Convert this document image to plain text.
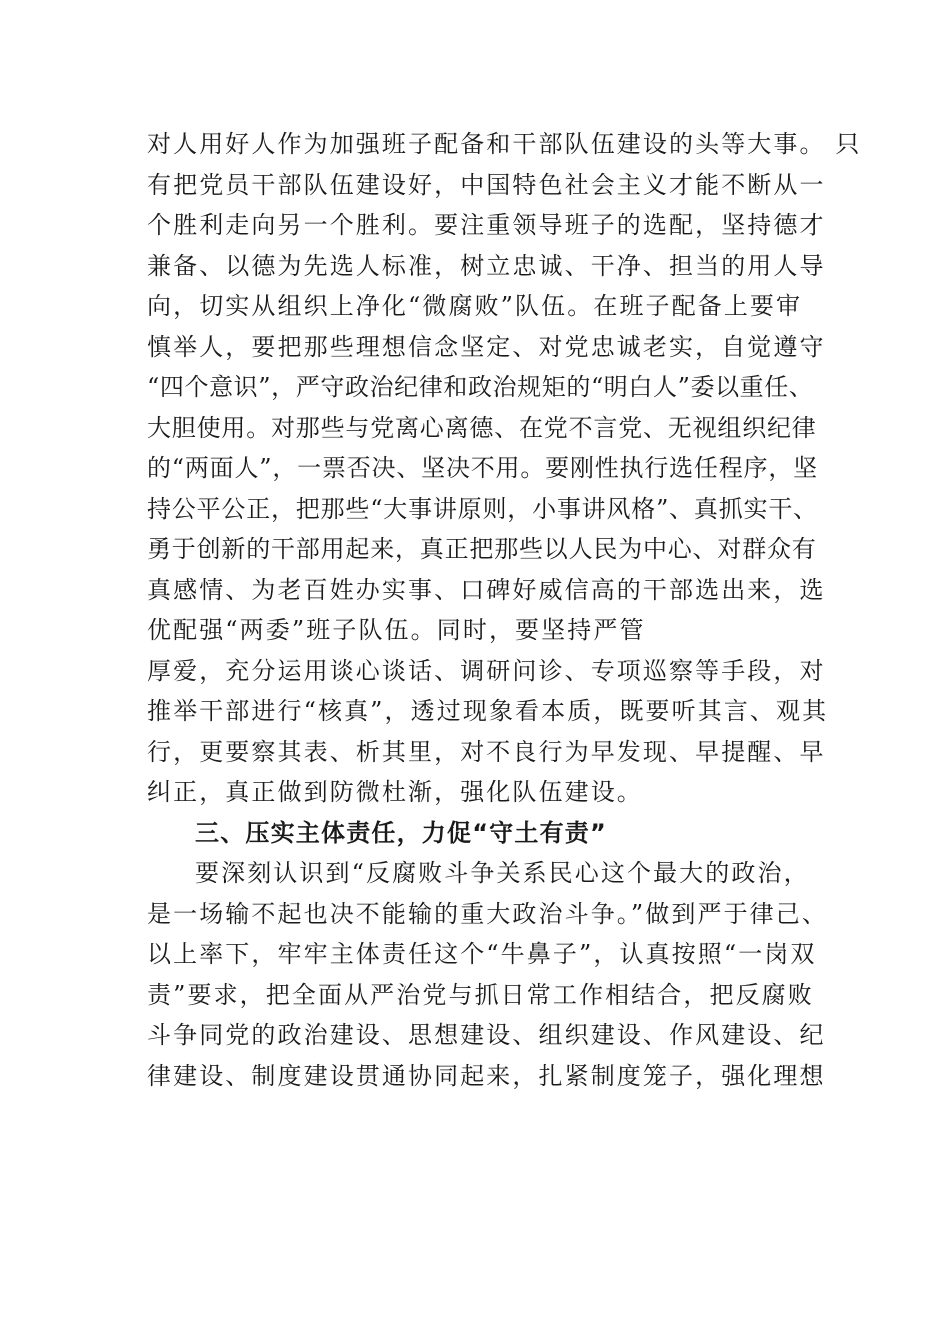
对人用好人作为加强班子配备和干部队伍建设的头等大事。 只
有把党员干部队伍建设好，中国特色社会主义才能不断从一
个胜利走向另一个胜利。要注重领导班子的选配，坚持德才
兼备、以德为先选人标准，树立忠诚、干净、担当的用人导
向，切实从组织上净化“微腐败”队伍。在班子配备上要审
慎举人，要把那些理想信念坚定、对党忠诚老实，自觉遵守
“四个意识”，严守政治纪律和政治规矩的“明白人”委以重任、
大胆使用。对那些与党离心离德、在党不言党、无视组织纪律
的“两面人”，一票否决、坚决不用。要刚性执行选任程序，坚
持公平公正，把那些“大事讲原则，小事讲风格”、真抓实干、
勇于创新的干部用起来，真正把那些以人民为中心、对群众有
真感情、为老百姓办实事、口碑好威信高的干部选出来，选
优配强“两委”班子队伍。同时，要坚持严管
厚爱，充分运用谈心谈话、调研问诊、专项巡察等手段，对
推举干部进行“核真”，透过现象看本质，既要听其言、观其
行，更要察其表、析其里，对不良行为早发现、早提醒、早
纠正，真正做到防微杜渐，强化队伍建设。
三、压实主体责任，力促“守土有责”
要深刻认识到“反腐败斗争关系民心这个最大的政治，
是一场输不起也决不能输的重大政治斗争。”做到严于律己、
以上率下，牢牢主体责任这个“牛鼻子”，认真按照“一岗双
责”要求，把全面从严治党与抓日常工作相结合，把反腐败
斗争同党的政治建设、思想建设、组织建设、作风建设、纪
律建设、制度建设贯通协同起来，扎紧制度笼子，强化理想
